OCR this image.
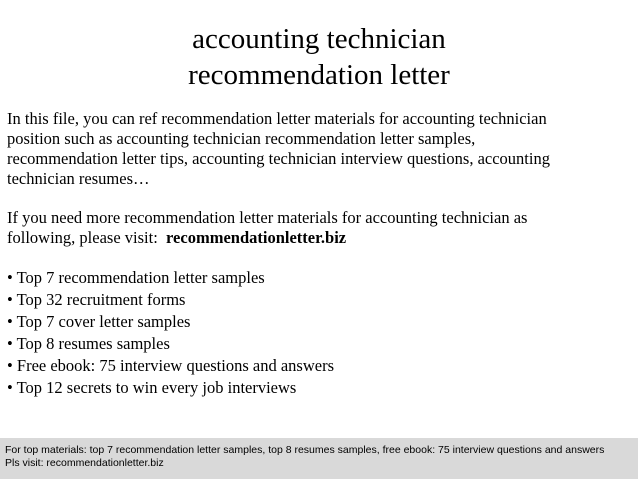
accounting technician
recommendation letter
In this file, you can ref recommendation letter materials for accounting technician
position such as accounting technician recommendation letter samples,
recommendation letter tips, accounting technician interview questions, accounting
technician resumes…
If you need more recommendation letter materials for accounting technician as
following, please visit:  recommendationletter.biz
• Top 7 recommendation letter samples
• Top 32 recruitment forms
• Top 7 cover letter samples
• Top 8 resumes samples
• Free ebook: 75 interview questions and answers
• Top 12 secrets to win every job interviews
For top materials: top 7 recommendation letter samples, top 8 resumes samples, free ebook: 75 interview questions and answers
Pls visit: recommendationletter.biz
